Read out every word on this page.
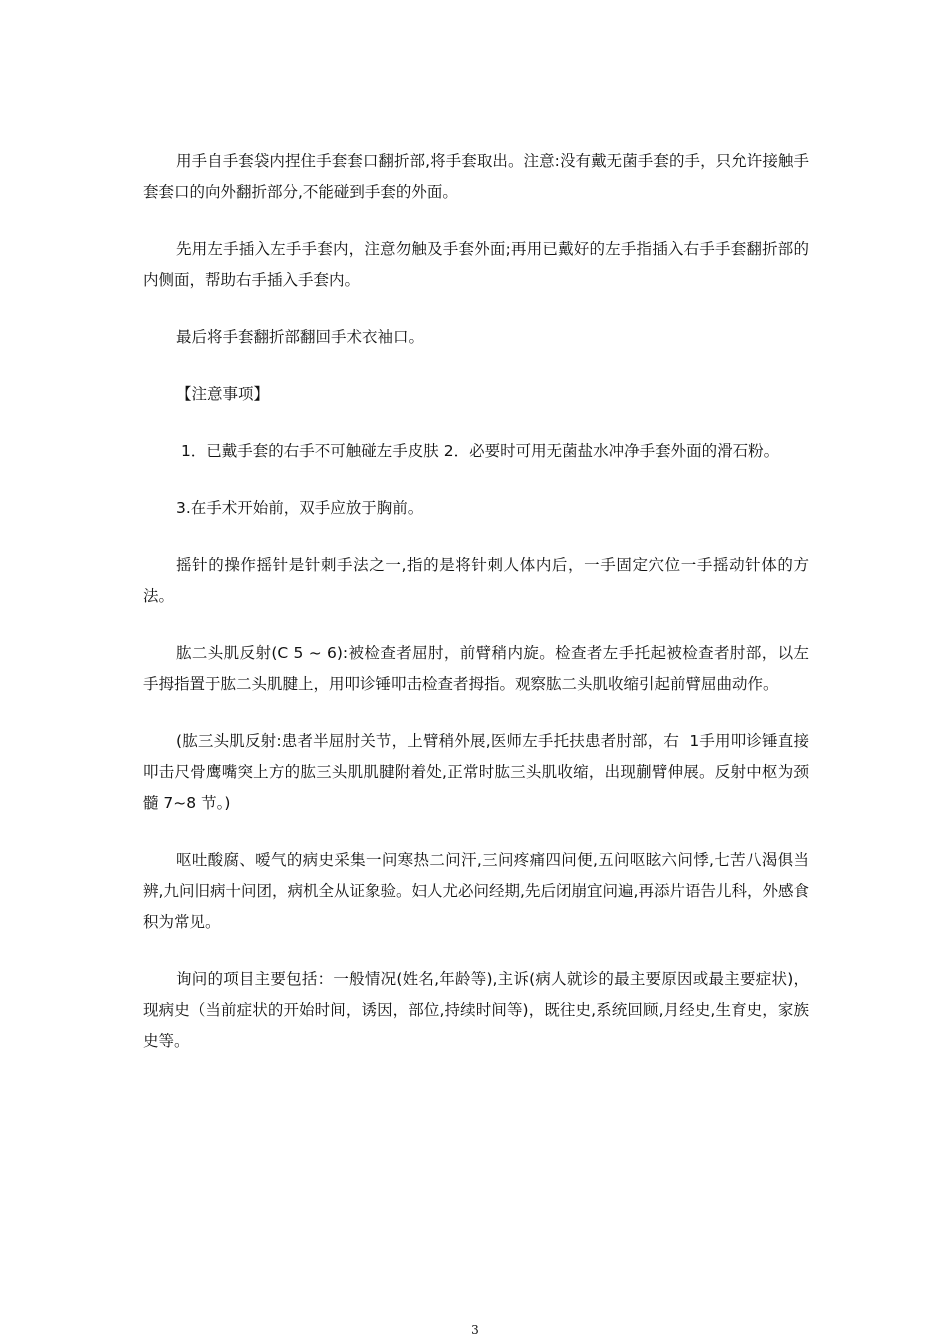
用手自手套袋内捏住手套套口翻折部,将手套取出。注意:没有戴无菌手套的手，只允许接触手套套口的向外翻折部分,不能碰到手套的外面。

先用左手插入左手手套内，注意勿触及手套外面;再用已戴好的左手指插入右手手套翻折部的内侧面，帮助右手插入手套内。

最后将手套翻折部翻回手术衣袖口。

【注意事项】

1．已戴手套的右手不可触碰左手皮肤 2．必要时可用无菌盐水冲净手套外面的滑石粉。

3.在手术开始前，双手应放于胸前。

摇针的操作摇针是针刺手法之一,指的是将针刺人体内后，一手固定穴位一手摇动针体的方法。

肱二头肌反射(C 5 ~ 6):被检查者屈肘，前臂稍内旋。检查者左手托起被检查者肘部，以左手拇指置于肱二头肌腱上，用叩诊锤叩击检查者拇指。观察肱二头肌收缩引起前臂屈曲动作。

(肱三头肌反射:患者半屈肘关节，上臂稍外展,医师左手托扶患者肘部，右  1手用叩诊锤直接叩击尺骨鹰嘴突上方的肱三头肌肌腱附着处,正常时肱三头肌收缩，出现蒯臂伸展。反射中枢为颈髓 7~8 节。)

呕吐酸腐、嗳气的病史采集一问寒热二问汗,三问疼痛四问便,五问呕眩六问悸,七苦八渴俱当辨,九问旧病十问团，病机全从证象验。妇人尤必问经期,先后闭崩宜问遍,再添片语告儿科，外感食积为常见。

询问的项目主要包括：一般情况(姓名,年龄等),主诉(病人就诊的最主要原因或最主要症状)，现病史（当前症状的开始时间，诱因，部位,持续时间等)，既往史,系统回顾,月经史,生育史，家族史等。

3
